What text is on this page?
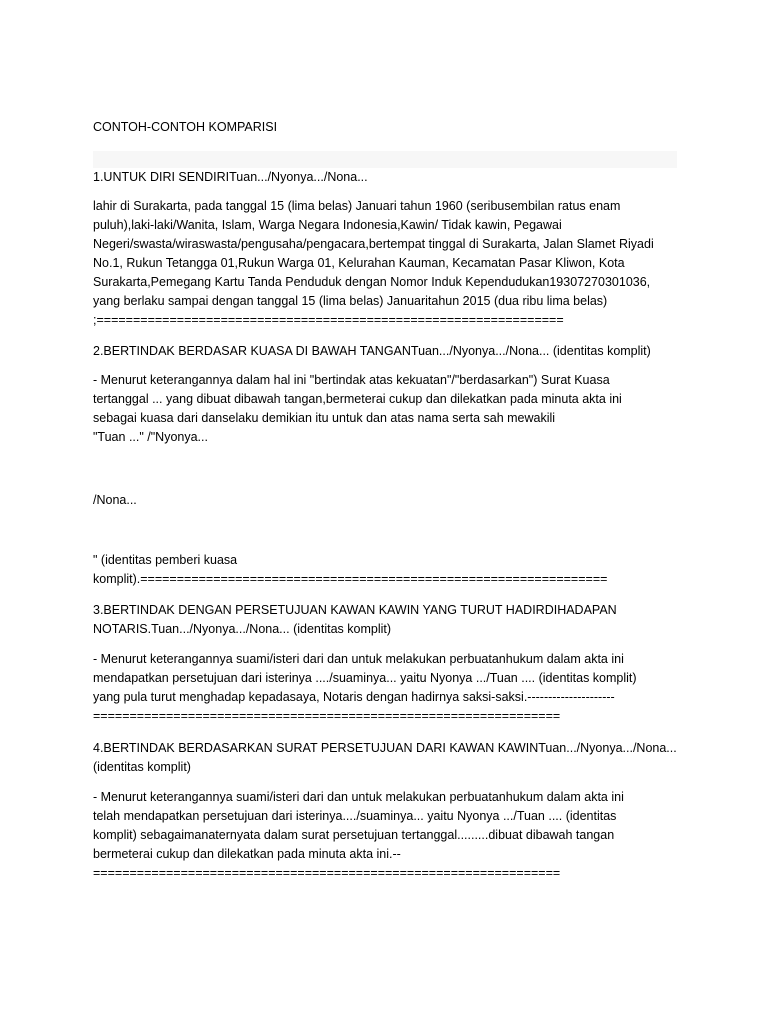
CONTOH-CONTOH KOMPARISI
1.UNTUK DIRI SENDIRITuan.../Nyonya.../Nona...
lahir di Surakarta, pada tanggal 15 (lima belas) Januari tahun 1960 (seribusembilan ratus enam
puluh),laki-laki/Wanita, Islam, Warga Negara Indonesia,Kawin/ Tidak kawin, Pegawai
Negeri/swasta/wiraswasta/pengusaha/pengacara,bertempat tinggal di Surakarta, Jalan Slamet Riyadi
No.1, Rukun Tetangga 01,Rukun Warga 01, Kelurahan Kauman, Kecamatan Pasar Kliwon, Kota
Surakarta,Pemegang Kartu Tanda Penduduk dengan Nomor Induk Kependudukan19307270301036,
yang berlaku sampai dengan tanggal 15 (lima belas) Januaritahun 2015 (dua ribu lima belas)
;================================================================
2.BERTINDAK BERDASAR KUASA DI BAWAH TANGANTuan.../Nyonya.../Nona... (identitas komplit)
- Menurut keterangannya dalam hal ini "bertindak atas kekuatan"/"berdasarkan") Surat Kuasa
tertanggal ... yang dibuat dibawah tangan,bermeterai cukup dan dilekatkan pada minuta akta ini
sebagai kuasa dari danselaku demikian itu untuk dan atas nama serta sah mewakili
"Tuan ..." /"Nyonya...
/Nona...
" (identitas pemberi kuasa
komplit).================================================================
3.BERTINDAK DENGAN PERSETUJUAN KAWAN KAWIN YANG TURUT HADIRDIHADAPAN
NOTARIS.Tuan.../Nyonya.../Nona... (identitas komplit)
- Menurut keterangannya suami/isteri dari dan untuk melakukan perbuatanhukum dalam akta ini
mendapatkan persetujuan dari isterinya ..../suaminya... yaitu Nyonya .../Tuan .... (identitas komplit)
yang pula turut menghadap kepadasaya, Notaris dengan hadirnya saksi-saksi.---------------------
================================================================
4.BERTINDAK BERDASARKAN SURAT PERSETUJUAN DARI KAWAN KAWINTuan.../Nyonya.../Nona...
(identitas komplit)
- Menurut keterangannya suami/isteri dari dan untuk melakukan perbuatanhukum dalam akta ini
telah mendapatkan persetujuan dari isterinya..../suaminya... yaitu Nyonya .../Tuan .... (identitas
komplit) sebagaimanaternyata dalam surat persetujuan tertanggal.........dibuat dibawah tangan
bermeterai cukup dan dilekatkan pada minuta akta ini.--
================================================================
